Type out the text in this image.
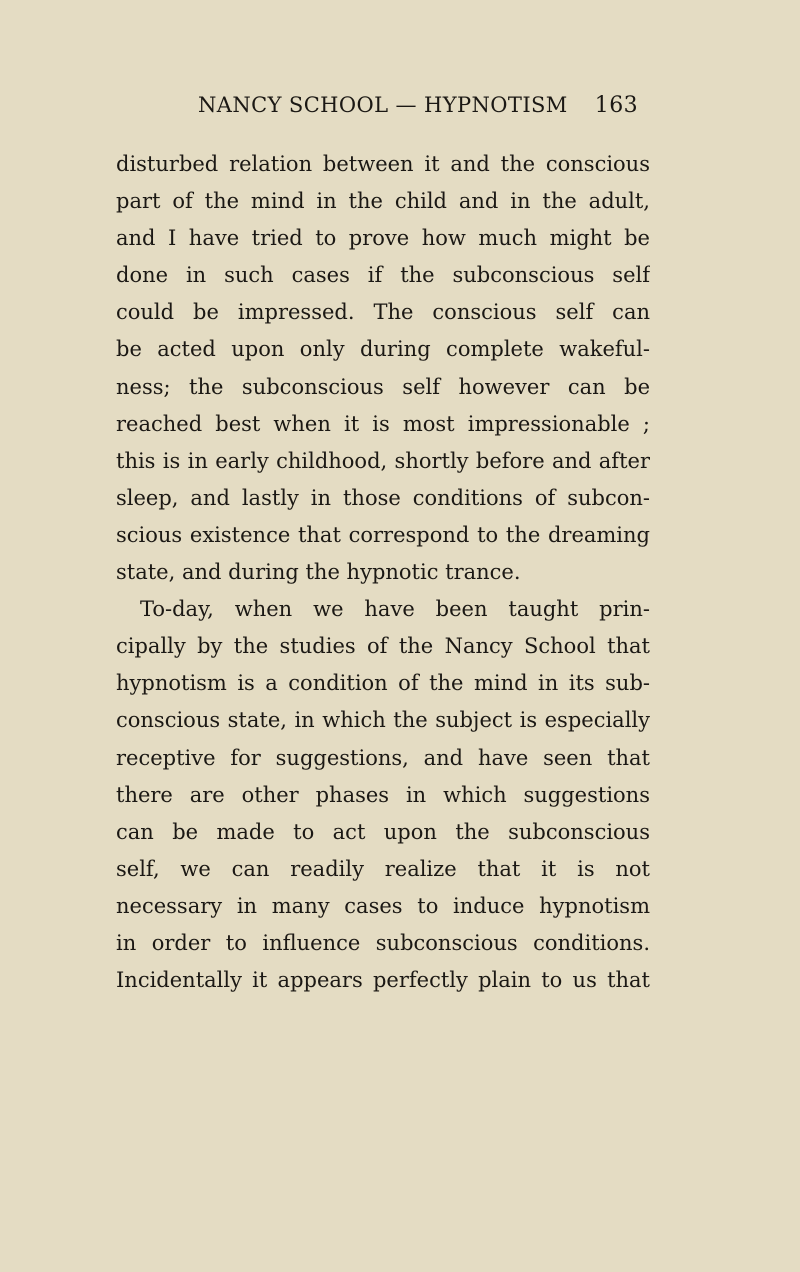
NANCY SCHOOL — HYPNOTISM 163
disturbed relation between it and the conscious
part of the mind in the child and in the adult,
and I have tried to prove how much might be
done in such cases if the subconscious self
could be impressed. The conscious self can
be acted upon only during complete wakeful-
ness; the subconscious self however can be
reached best when it is most impressionable ;
this is in early childhood, shortly before and after
sleep, and lastly in those conditions of subcon-
scious existence that correspond to the dreaming
state, and during the hypnotic trance.
To-day, when we have been taught prin-
cipally by the studies of the Nancy School that
hypnotism is a condition of the mind in its sub-
conscious state, in which the subject is especially
receptive for suggestions, and have seen that
there are other phases in which suggestions
can be made to act upon the subconscious
self, we can readily realize that it is not
necessary in many cases to induce hypnotism
in order to influence subconscious conditions.
Incidentally it appears perfectly plain to us that
